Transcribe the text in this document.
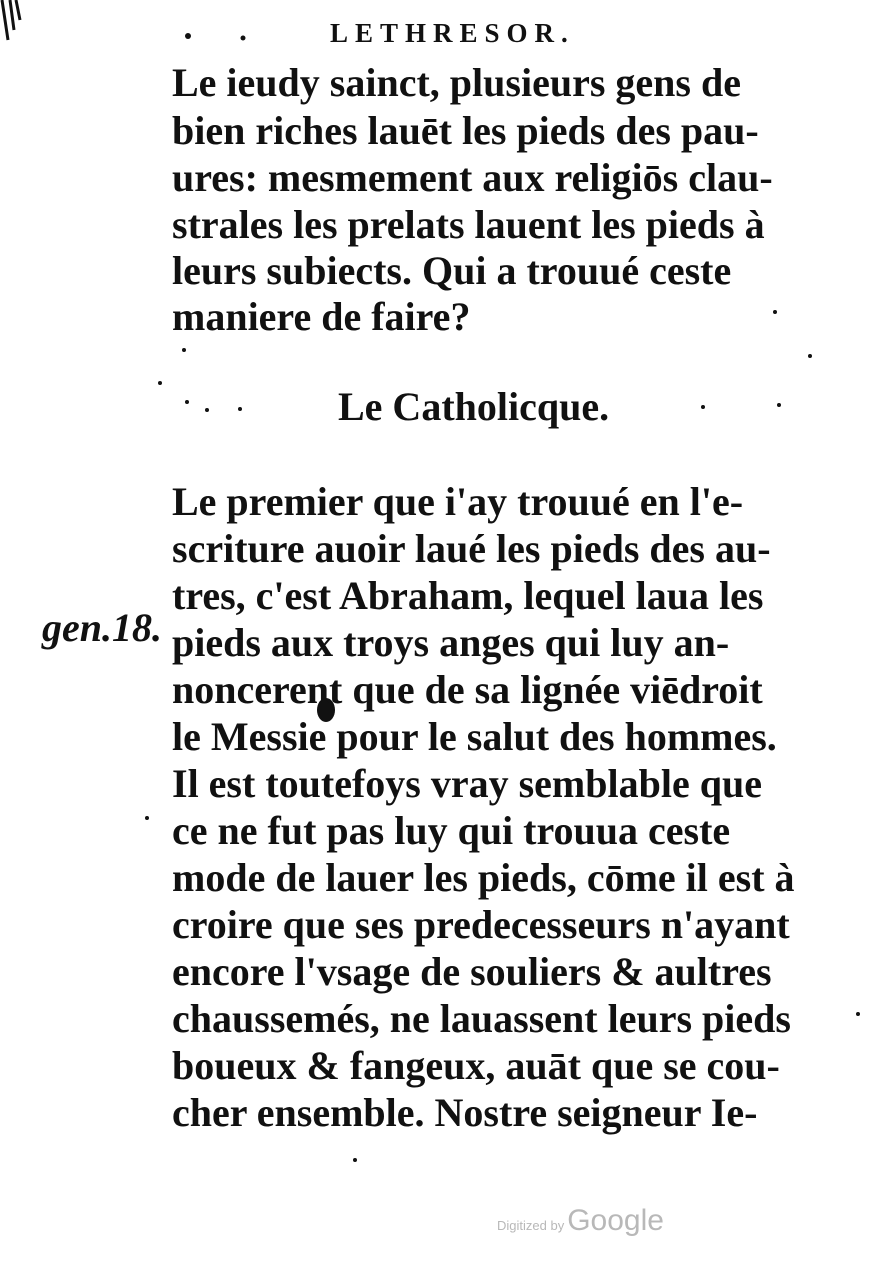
LETHRESOR.
Le ieudy sainct, plusieurs gens de
bien riches lauēt les pieds des pau-
ures: mesmement aux religiōs clau-
strales les prelats lauent les pieds à
leurs subiects. Qui a trouué ceste
maniere de faire?
Le Catholicque.
gen.18.
Le premier que i'ay trouué en l'e-
scriture auoir laué les pieds des au-
tres, c'est Abraham, lequel laua les
pieds aux troys anges qui luy an-
noncerent que de sa lignée viēdroit
le Messie pour le salut des hommes.
Il est toutefoys vray semblable que
ce ne fut pas luy qui trouua ceste
mode de lauer les pieds, cōme il est à
croire que ses predecesseurs n'ayant
encore l'vsage de souliers & aultres
chaussemés, ne lauassent leurs pieds
boueux & fangeux, auāt que se cou-
cher ensemble. Nostre seigneur Ie-
Digitized by Google
